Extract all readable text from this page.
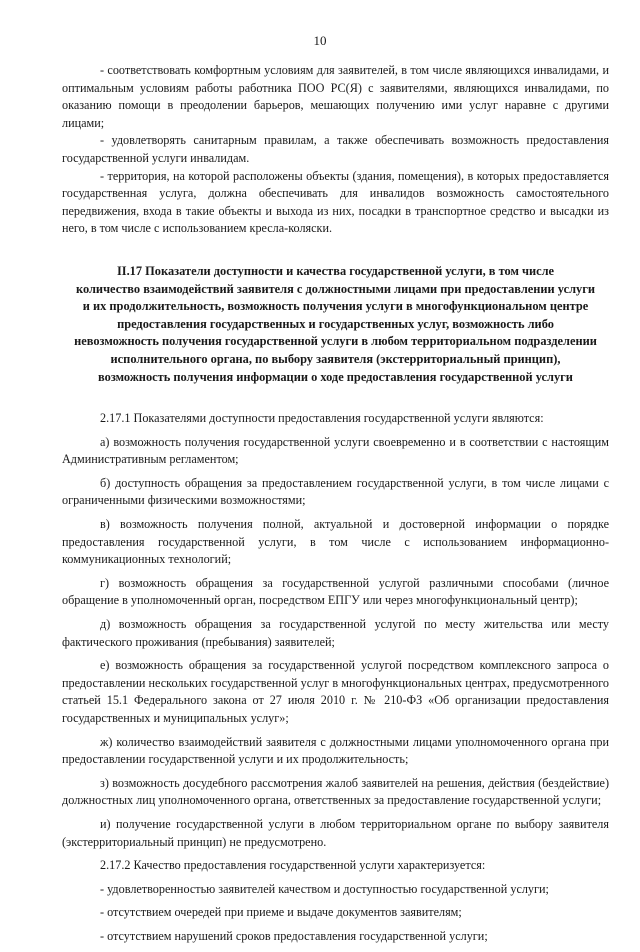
10

- соответствовать комфортным условиям для заявителей, в том числе являющихся инвалидами, и оптимальным условиям работы работника ПОО РС(Я) с заявителями, являющихся инвалидами, по оказанию помощи в преодолении барьеров, мешающих получению ими услуг наравне с другими лицами;

- удовлетворять санитарным правилам, а также обеспечивать возможность предоставления государственной услуги инвалидам.

- территория, на которой расположены объекты (здания, помещения), в которых предоставляется государственная услуга, должна обеспечивать для инвалидов возможность самостоятельного передвижения, входа в такие объекты и выхода из них, посадки в транспортное средство и высадки из него, в том числе с использованием кресла-коляски.

II.17 Показатели доступности и качества государственной услуги, в том числе
количество взаимодействий заявителя с должностными лицами при предоставлении услуги
и их продолжительность, возможность получения услуги в многофункциональном центре
предоставления государственных и государственных услуг, возможность либо
невозможность получения государственной услуги в любом территориальном подразделении
исполнительного органа, по выбору заявителя (экстерриториальный принцип),
возможность получения информации о ходе предоставления государственной услуги

2.17.1 Показателями доступности предоставления государственной услуги являются:

а) возможность получения государственной услуги своевременно и в соответствии с настоящим Административным регламентом;

б) доступность обращения за предоставлением государственной услуги, в том числе лицами с ограниченными физическими возможностями;

в) возможность получения полной, актуальной и достоверной информации о порядке предоставления государственной услуги, в том числе с использованием информационно-коммуникационных технологий;

г) возможность обращения за государственной услугой различными способами (личное обращение в уполномоченный орган, посредством ЕПГУ или через многофункциональный центр);

д) возможность обращения за государственной услугой по месту жительства или месту фактического проживания (пребывания) заявителей;

е) возможность обращения за государственной услугой посредством комплексного запроса о предоставлении нескольких государственной услуг в многофункциональных центрах, предусмотренного статьей 15.1 Федерального закона от 27 июля 2010 г. № 210-ФЗ «Об организации предоставления государственных и муниципальных услуг»;

ж) количество взаимодействий заявителя с должностными лицами уполномоченного органа при предоставлении государственной услуги и их продолжительность;

з) возможность досудебного рассмотрения жалоб заявителей на решения, действия (бездействие) должностных лиц уполномоченного органа, ответственных за предоставление государственной услуги;

и) получение государственной услуги в любом территориальном органе по выбору заявителя (экстерриториальный принцип) не предусмотрено.

2.17.2 Качество предоставления государственной услуги характеризуется:

- удовлетворенностью заявителей качеством и доступностью государственной услуги;

- отсутствием очередей при приеме и выдаче документов заявителям;

- отсутствием нарушений сроков предоставления государственной услуги;
